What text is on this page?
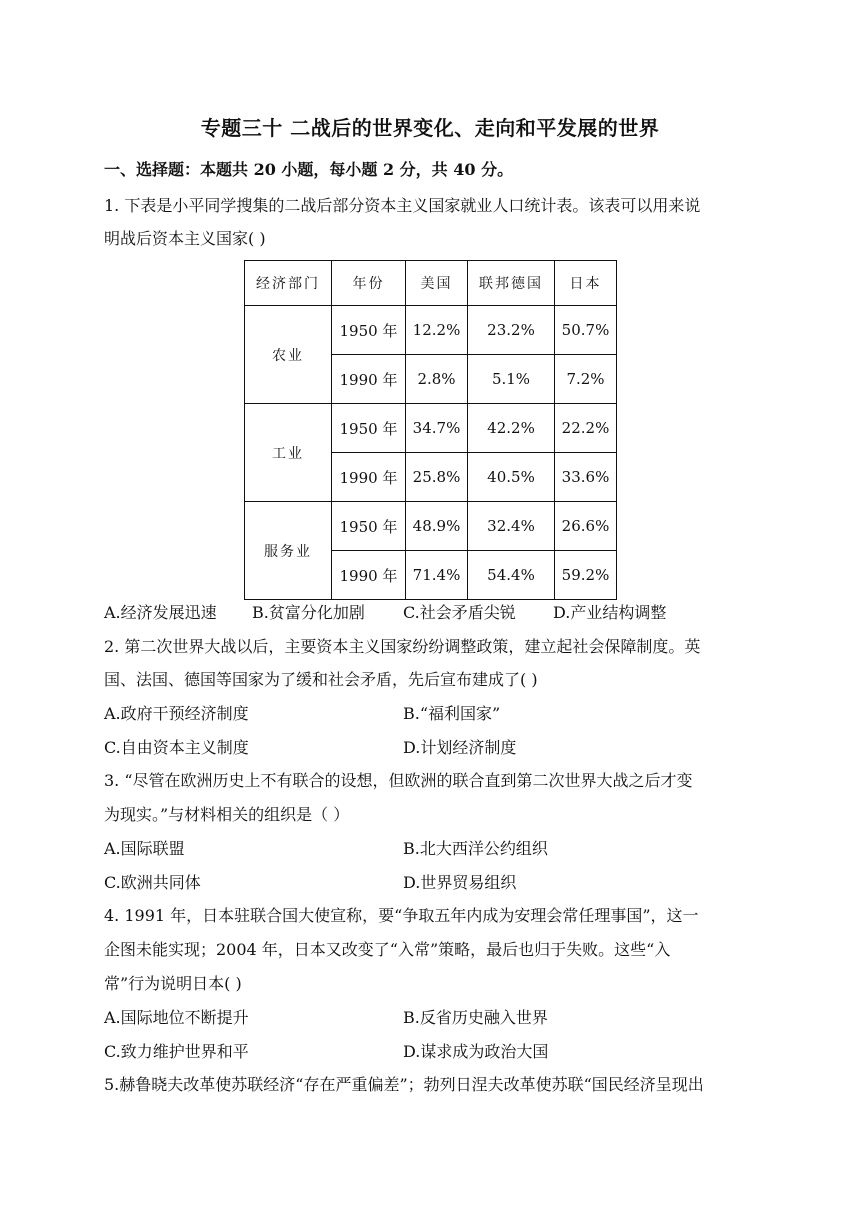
专题三十 二战后的世界变化、走向和平发展的世界
一、选择题：本题共 20 小题，每小题 2 分，共 40 分。
1. 下表是小平同学搜集的二战后部分资本主义国家就业人口统计表。该表可以用来说
明战后资本主义国家( )
经济部门	年份	美国	联邦德国	日本
农业	1950 年	12.2%	23.2%	50.7%
	1990 年	2.8%	5.1%	7.2%
工业	1950 年	34.7%	42.2%	22.2%
	1990 年	25.8%	40.5%	33.6%
服务业	1950 年	48.9%	32.4%	26.6%
	1990 年	71.4%	54.4%	59.2%
A.经济发展迅速 B.贫富分化加剧 C.社会矛盾尖锐 D.产业结构调整
2. 第二次世界大战以后，主要资本主义国家纷纷调整政策，建立起社会保障制度。英
国、法国、德国等国家为了缓和社会矛盾，先后宣布建成了( )
A.政府干预经济制度	B.“福利国家”
C.自由资本主义制度	D.计划经济制度
3. “尽管在欧洲历史上不有联合的设想，但欧洲的联合直到第二次世界大战之后才变
为现实。”与材料相关的组织是（ ）
A.国际联盟	B.北大西洋公约组织
C.欧洲共同体	D.世界贸易组织
4. 1991 年，日本驻联合国大使宣称，要“争取五年内成为安理会常任理事国”，这一
企图未能实现；2004 年，日本又改变了“入常”策略，最后也归于失败。这些“入
常”行为说明日本( )
A.国际地位不断提升	B.反省历史融入世界
C.致力维护世界和平	D.谋求成为政治大国
5.赫鲁晓夫改革使苏联经济“存在严重偏差”；勃列日涅夫改革使苏联“国民经济呈现出
